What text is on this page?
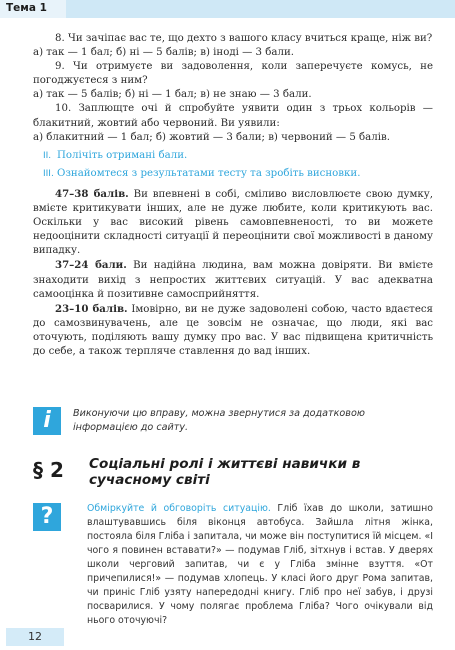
Тема 1

8. Чи зачіпає вас те, що дехто з вашого класу вчиться краще, ніж ви?

а) так — 1 бал; б) ні — 5 балів; в) іноді — 3 бали.

9. Чи отримуєте ви задоволення, коли заперечуєте комусь, не погоджуєтеся з ним?

а) так — 5 балів; б) ні — 1 бал; в) не знаю — 3 бали.

10. Заплющте очі й спробуйте уявити один з трьох кольорів — блакитний, жовтий або червоний. Ви уявили:

а) блакитний — 1 бал; б) жовтий — 3 бали; в) червоний — 5 балів.

II. Полічіть отримані бали.

III. Ознайомтеся з результатами тесту та зробіть висновки.

47–38 балів. Ви впевнені в собі, сміливо висловлюєте свою думку, вмієте критикувати інших, але не дуже любите, коли критикують вас. Оскільки у вас високий рівень самовпевненості, то ви можете недооцінити складності ситуації й переоцінити свої можливості в даному випадку.

37–24 бали. Ви надійна людина, вам можна довіряти. Ви вмієте знаходити вихід з непростих життєвих ситуацій. У вас адекватна самооцінка й позитивне самосприйняття.

23–10 балів. Імовірно, ви не дуже задоволені собою, часто вдаєтеся до самозвинувачень, але це зовсім не означає, що люди, які вас оточують, поділяють вашу думку про вас. У вас підвищена критичність до себе, а також терпляче ставлення до вад інших.

i	Виконуючи цю вправу, можна звернутися за додатковою інформацією до сайту.
§ 2 Соціальні ролі і життєві навички в сучасному світі
?	Обміркуйте й обговоріть ситуацію. Гліб їхав до школи, затишно влаштувавшись біля віконця автобуса. Зайшла літня жінка, постояла біля Гліба і запитала, чи може він поступитися їй місцем. «І чого я повинен вставати?» — подумав Гліб, зітхнув і встав. У дверях школи черговий запитав, чи є у Гліба змінне взуття. «От причепилися!» — подумав хлопець. У класі його друг Рома запитав, чи приніс Гліб узяту напередодні книгу. Гліб про неї забув, і друзі посварилися. У чому полягає проблема Гліба? Чого очікували від нього оточуючі?
12
